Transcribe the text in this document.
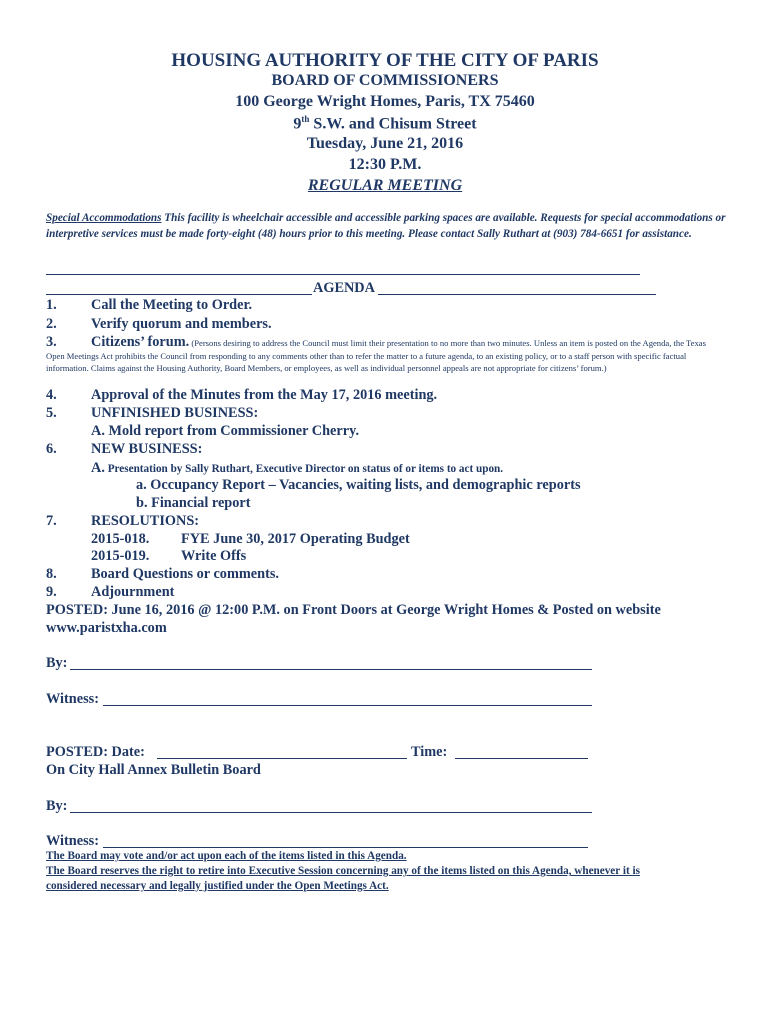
HOUSING AUTHORITY OF THE CITY OF PARIS
BOARD OF COMMISSIONERS
100 George Wright Homes, Paris, TX 75460
9th S.W. and Chisum Street
Tuesday, June 21, 2016
12:30 P.M.
REGULAR MEETING
Special Accommodations This facility is wheelchair accessible and accessible parking spaces are available. Requests for special accommodations or interpretive services must be made forty-eight (48) hours prior to this meeting. Please contact Sally Ruthart at (903) 784-6651 for assistance.
AGENDA
1. Call the Meeting to Order.
2. Verify quorum and members.
3.	Citizens’ forum. (Persons desiring to address the Council must limit their presentation to no more than two minutes. Unless an item is posted on the Agenda, the Texas Open Meetings Act prohibits the Council from responding to any comments other than to refer the matter to a future agenda, to an existing policy, or to a staff person with specific factual information. Claims against the Housing Authority, Board Members, or employees, as well as individual personnel appeals are not appropriate for citizens’ forum.)
4. Approval of the Minutes from the May 17, 2016 meeting.
5. UNFINISHED BUSINESS:
A. Mold report from Commissioner Cherry.
6. NEW BUSINESS:
A. Presentation by Sally Ruthart, Executive Director on status of or items to act upon.
a. Occupancy Report – Vacancies, waiting lists, and demographic reports
b. Financial report
7. RESOLUTIONS:
2015-018. FYE June 30, 2017 Operating Budget
2015-019. Write Offs
8. Board Questions or comments.
9. Adjournment
POSTED: June 16, 2016 @ 12:00 P.M. on Front Doors at George Wright Homes & Posted on website
www.paristxha.com
By:
Witness:
POSTED: Date:	Time:
On City Hall Annex Bulletin Board
By:
Witness:
The Board may vote and/or act upon each of the items listed in this Agenda.
The Board reserves the right to retire into Executive Session concerning any of the items listed on this Agenda, whenever it is
considered necessary and legally justified under the Open Meetings Act.
